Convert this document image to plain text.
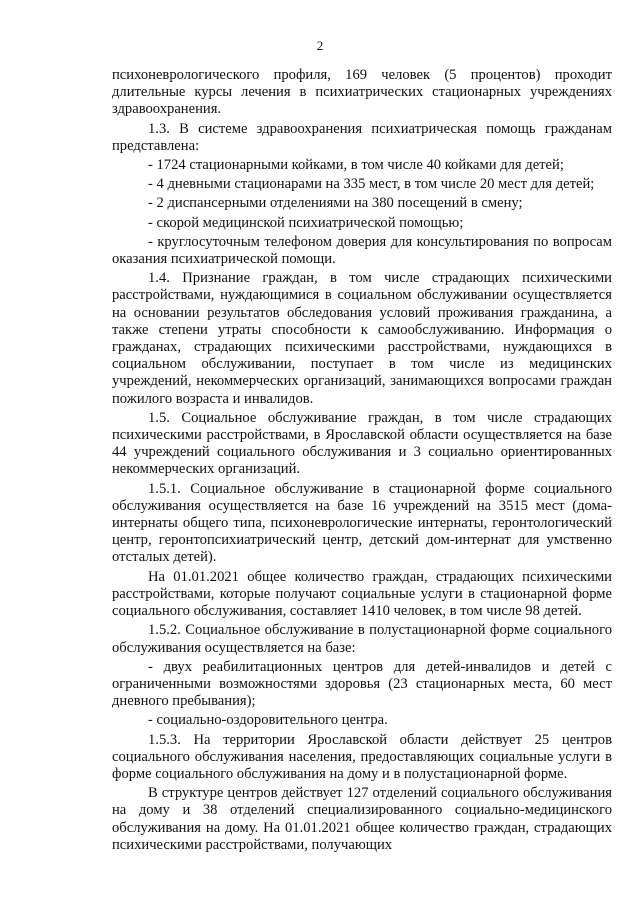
2

психоневрологического профиля, 169 человек (5 процентов) проходит длительные курсы лечения в психиатрических стационарных учреждениях здравоохранения.

1.3. В системе здравоохранения психиатрическая помощь гражданам представлена:

- 1724 стационарными койками, в том числе 40 койками для детей;

- 4 дневными стационарами на 335 мест, в том числе 20 мест для детей;

- 2 диспансерными отделениями на 380 посещений в смену;

- скорой медицинской психиатрической помощью;

- круглосуточным телефоном доверия для консультирования по вопросам оказания психиатрической помощи.

1.4. Признание граждан, в том числе страдающих психическими расстройствами, нуждающимися в социальном обслуживании осуществляется на основании результатов обследования условий проживания гражданина, а также степени утраты способности к самообслуживанию. Информация о гражданах, страдающих психическими расстройствами, нуждающихся в социальном обслуживании, поступает в том числе из медицинских учреждений, некоммерческих организаций, занимающихся вопросами граждан пожилого возраста и инвалидов.

1.5. Социальное обслуживание граждан, в том числе страдающих психическими расстройствами, в Ярославской области осуществляется на базе 44 учреждений социального обслуживания и 3 социально ориентированных некоммерческих организаций.

1.5.1. Социальное обслуживание в стационарной форме социального обслуживания осуществляется на базе 16 учреждений на 3515 мест (дома-интернаты общего типа, психоневрологические интернаты, геронтологический центр, геронтопсихиатрический центр, детский дом-интернат для умственно отсталых детей).

На 01.01.2021 общее количество граждан, страдающих психическими расстройствами, которые получают социальные услуги в стационарной форме социального обслуживания, составляет 1410 человек, в том числе 98 детей.

1.5.2. Социальное обслуживание в полустационарной форме социального обслуживания осуществляется на базе:

- двух реабилитационных центров для детей-инвалидов и детей с ограниченными возможностями здоровья (23 стационарных места, 60 мест дневного пребывания);

- социально-оздоровительного центра.

1.5.3. На территории Ярославской области действует 25 центров социального обслуживания населения, предоставляющих социальные услуги в форме социального обслуживания на дому и в полустационарной форме.

В структуре центров действует 127 отделений социального обслуживания на дому и 38 отделений специализированного социально-медицинского обслуживания на дому. На 01.01.2021 общее количество граждан, страдающих психическими расстройствами, получающих
